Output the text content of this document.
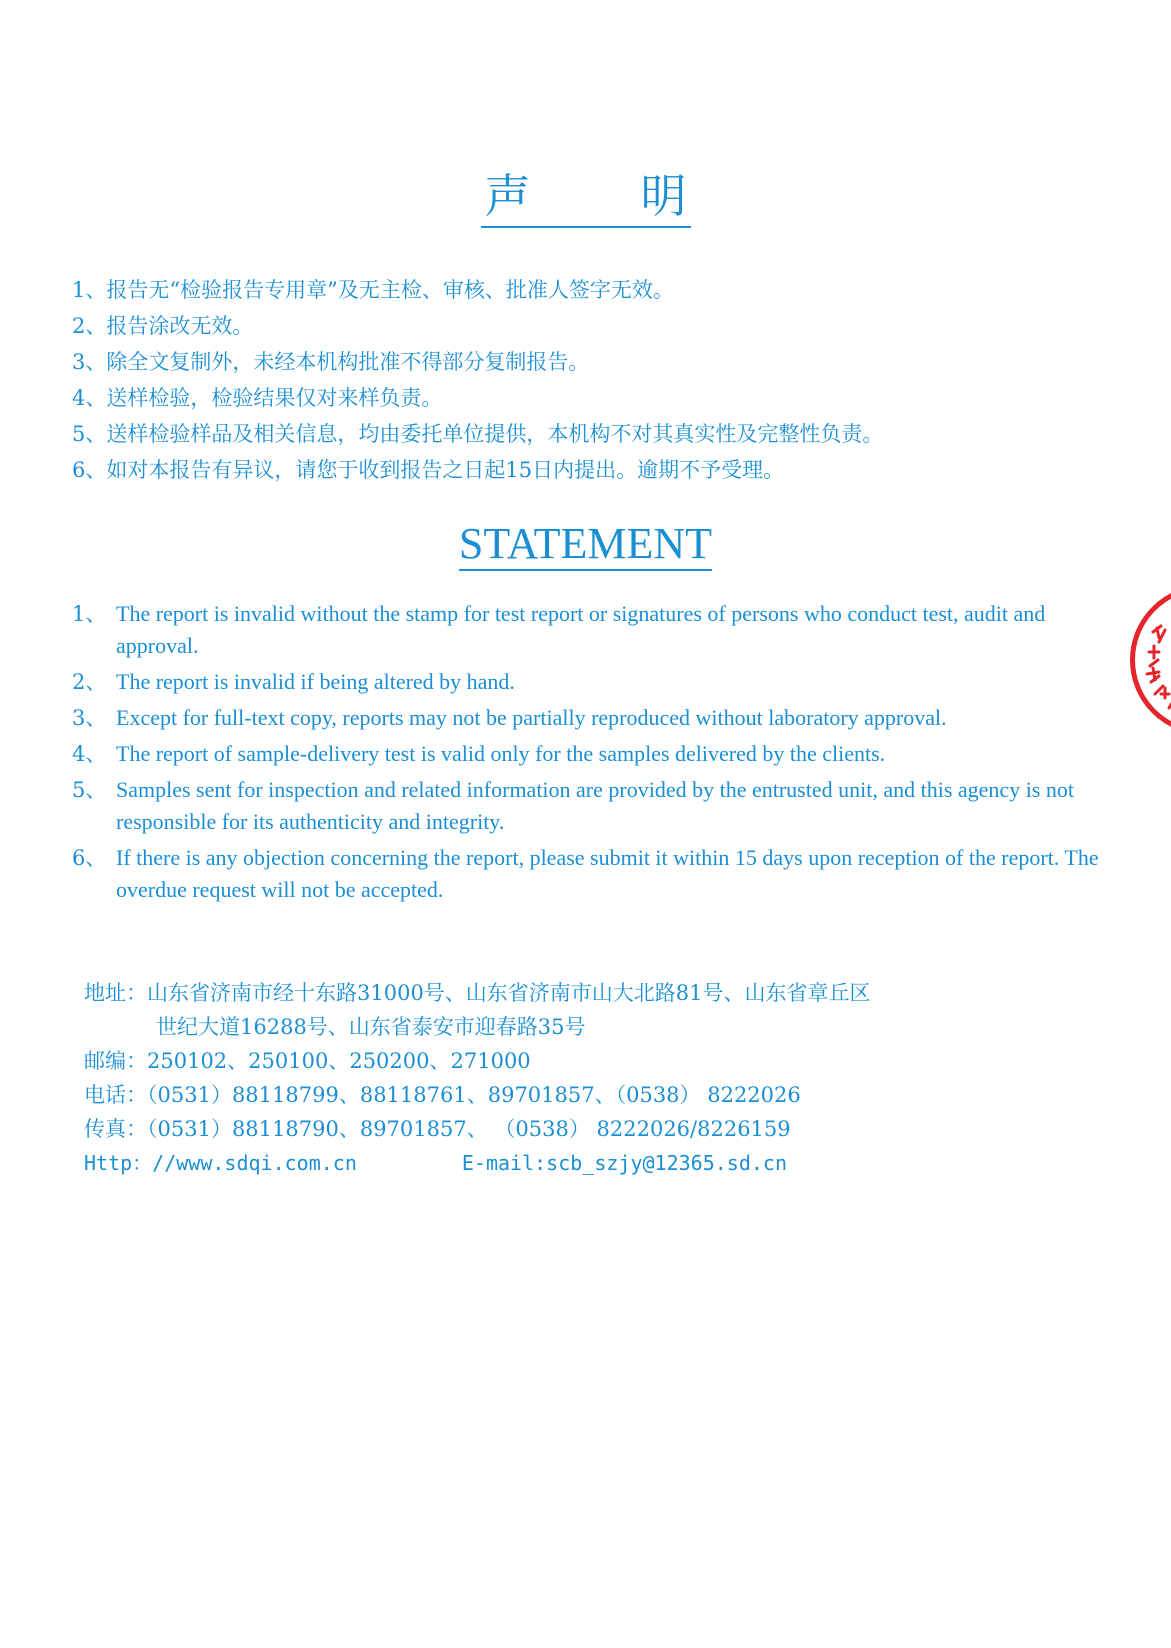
声 明
1、报告无“检验报告专用章”及无主检、审核、批准人签字无效。
2、报告涂改无效。
3、除全文复制外，未经本机构批准不得部分复制报告。
4、送样检验，检验结果仅对来样负责。
5、送样检验样品及相关信息，均由委托单位提供，本机构不对其真实性及完整性负责。
6、如对本报告有异议，请您于收到报告之日起15日内提出。逾期不予受理。
STATEMENT
1、 The report is invalid without the stamp for test report or signatures of persons who conduct test, audit and approval.
2、 The report is invalid if being altered by hand.
3、 Except for full-text copy, reports may not be partially reproduced without laboratory approval.
4、 The report of sample-delivery test is valid only for the samples delivered by the clients.
5、 Samples sent for inspection and related information are provided by the entrusted unit, and this agency is not responsible for its authenticity and integrity.
6、 If there is any objection concerning the report, please submit it within 15 days upon reception of the report. The overdue request will not be accepted.
地址：山东省济南市经十东路31000号、山东省济南市山大北路81号、山东省章丘区
世纪大道16288号、山东省泰安市迎春路35号
邮编：250102、250100、250200、271000
电话：（0531）88118799、88118761、89701857、（0538） 8222026
传真：（0531）88118790、89701857、 （0538） 8222026/8226159
Http：//www.sdqi.com.cn	E-mail:scb_szjy@12365.sd.cn
